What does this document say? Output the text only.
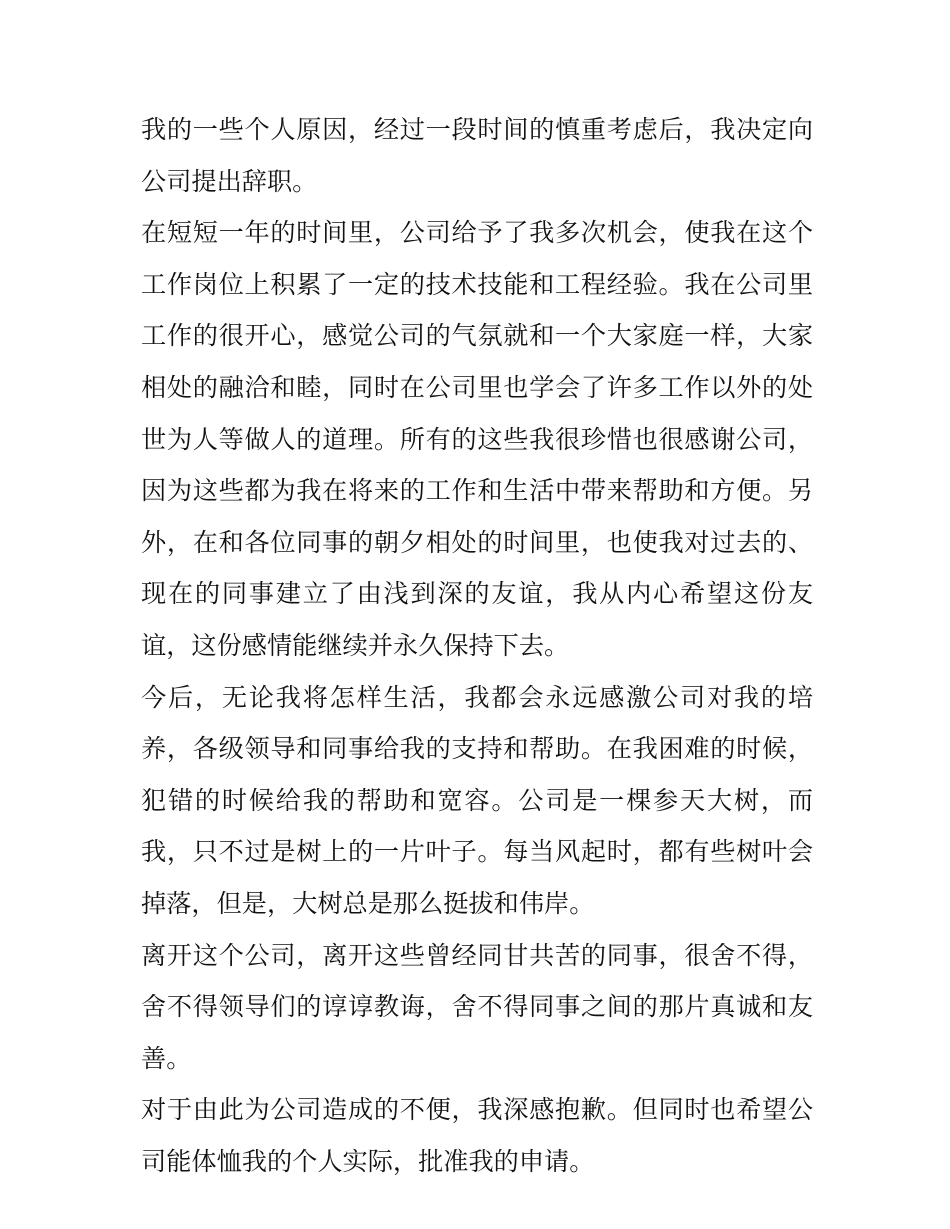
我的一些个人原因，经过一段时间的慎重考虑后，我决定向公司提出辞职。

在短短一年的时间里，公司给予了我多次机会，使我在这个工作岗位上积累了一定的技术技能和工程经验。我在公司里工作的很开心，感觉公司的气氛就和一个大家庭一样，大家相处的融洽和睦，同时在公司里也学会了许多工作以外的处世为人等做人的道理。所有的这些我很珍惜也很感谢公司，因为这些都为我在将来的工作和生活中带来帮助和方便。另外，在和各位同事的朝夕相处的时间里，也使我对过去的、现在的同事建立了由浅到深的友谊，我从内心希望这份友谊，这份感情能继续并永久保持下去。

今后，无论我将怎样生活，我都会永远感激公司对我的培养，各级领导和同事给我的支持和帮助。在我困难的时候，犯错的时候给我的帮助和宽容。公司是一棵参天大树，而我，只不过是树上的一片叶子。每当风起时，都有些树叶会掉落，但是，大树总是那么挺拔和伟岸。

离开这个公司，离开这些曾经同甘共苦的同事，很舍不得，舍不得领导们的谆谆教诲，舍不得同事之间的那片真诚和友善。

对于由此为公司造成的不便，我深感抱歉。但同时也希望公司能体恤我的个人实际，批准我的申请。
